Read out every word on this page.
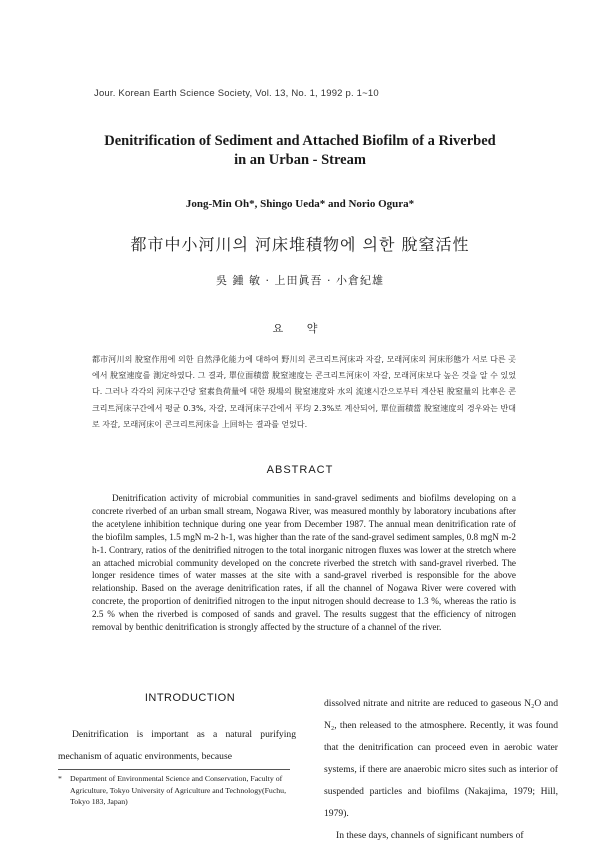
Jour. Korean Earth Science Society, Vol. 13, No. 1, 1992 p. 1~10
Denitrification of Sediment and Attached Biofilm of a Riverbed
in an Urban - Stream
Jong-Min Oh*, Shingo Ueda* and Norio Ogura*
都市中小河川의 河床堆積物에 의한 脫窒活性
吳 鍾 敏 · 上田眞吾 · 小倉紀雄
요 약
都市河川의 脫窒作用에 의한 自然淨化能力에 대하여 野川의 콘크리트河床과 자갈, 모래河床의 河床形態가 서로 다른 곳에서 脫窒速度를 測定하였다. 그 결과, 單位面積當 脫窒速度는 콘크리트河床이 자갈, 모래河床보다 높은 것을 알 수 있었다. 그러나 각각의 河床구간당 窒素負荷量에 대한 現場의 脫窒速度와 水의 流速시간으로부터 계산된 脫窒量의 比率은 콘크리트河床구간에서 평균 0.3%, 자갈, 모래河床구간에서 平均 2.3%로 계산되어, 單位面積當 脫窒速度의 경우와는 반대로 자갈, 모래河床이 콘크리트河床을 上回하는 결과를 얻었다.
ABSTRACT

Denitrification activity of microbial communities in sand-gravel sediments and biofilms developing on a concrete riverbed of an urban small stream, Nogawa River, was measured monthly by laboratory incubations after the acetylene inhibition technique during one year from December 1987. The annual mean denitrification rate of the biofilm samples, 1.5 mgN m-2 h-1, was higher than the rate of the sand-gravel sediment samples, 0.8 mgN m-2 h-1. Contrary, ratios of the denitrified nitrogen to the total inorganic nitrogen fluxes was lower at the stretch where an attached microbial community developed on the concrete riverbed the stretch with sand-gravel riverbed. The longer residence times of water masses at the site with a sand-gravel riverbed is responsible for the above relationship. Based on the average denitrification rates, if all the channel of Nogawa River were covered with concrete, the proportion of denitrified nitrogen to the input nitrogen should decrease to 1.3 %, whereas the ratio is 2.5 % when the riverbed is composed of sands and gravel. The results suggest that the efficiency of nitrogen removal by benthic denitrification is strongly affected by the structure of a channel of the river.

INTRODUCTION

Denitrification is important as a natural purifying mechanism of aquatic environments, because

* Department of Environmental Science and Conservation, Faculty of Agriculture, Tokyo University of Agriculture and Technology(Fuchu, Tokyo 183, Japan)

dissolved nitrate and nitrite are reduced to gaseous N₂O and N₂, then released to the atmosphere. Recently, it was found that the denitrification can proceed even in aerobic water systems, if there are anaerobic micro sites such as interior of suspended particles and biofilms (Nakajima, 1979; Hill, 1979).

In these days, channels of significant numbers of
